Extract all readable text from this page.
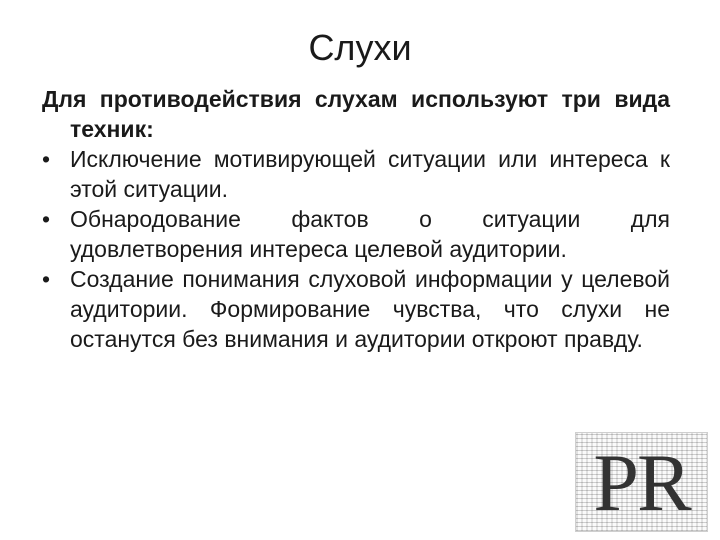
Слухи

Для противодействия слухам используют три вида техник:

• Исключение мотивирующей ситуации или интереса к этой ситуации.
• Обнародование фактов о ситуации для удовлетворения интереса целевой аудитории.
• Создание понимания слуховой информации у целевой аудитории. Формирование чувства, что слухи не останутся без внимания и аудитории откроют правду.
PR
